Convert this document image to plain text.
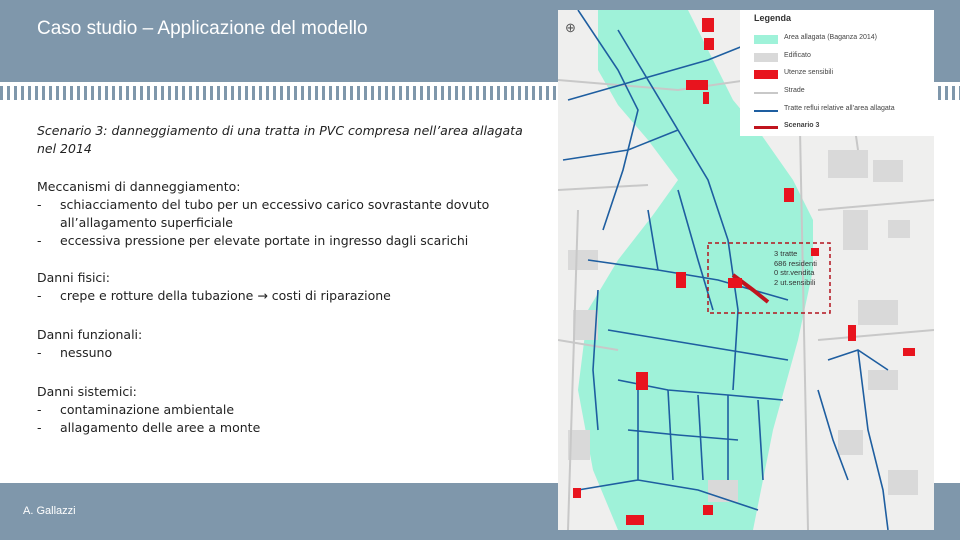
Caso studio – Applicazione del modello

Scenario 3: danneggiamento di una tratta in PVC compresa nell’area allagata nel 2014

Meccanismi di danneggiamento:

- schiacciamento del tubo per un eccessivo carico sovrastante dovuto all’allagamento superficiale

- eccessiva pressione per elevate portate in ingresso dagli scarichi

Danni fisici:

- crepe e rotture della tubazione → costi di riparazione

Danni funzionali:

- nessuno

Danni sistemici:

- contaminazione ambientale

- allagamento delle aree a monte

A. Gallazzi
⊕
Legenda
Area allagata (Baganza 2014)
Edificato
Utenze sensibili
Strade
Tratte reflui relative all’area allagata
Scenario 3
3 tratte
686 residenti
0 str.vendita
2 ut.sensibili
